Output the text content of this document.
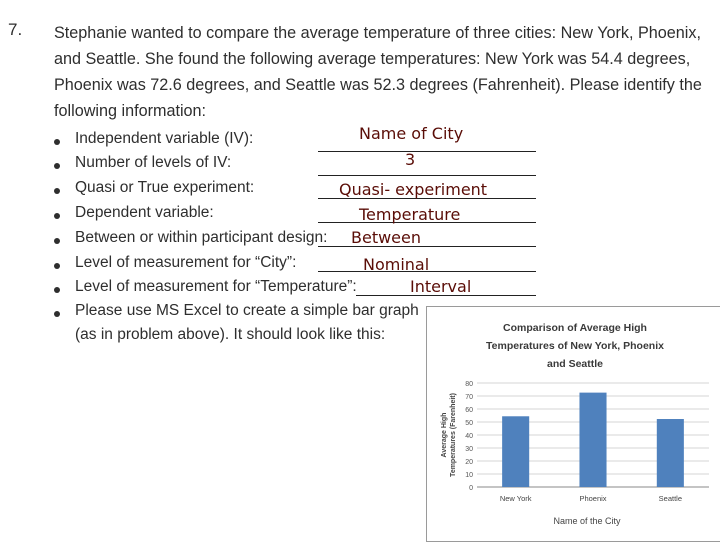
7. Stephanie wanted to compare the average temperature of three cities: New York, Phoenix,
and Seattle. She found the following average temperatures: New York was 54.4 degrees,
Phoenix was 72.6 degrees, and Seattle was 52.3 degrees (Fahrenheit). Please identify the
following information:
Independent variable (IV):
Number of levels of IV:
Quasi or True experiment:
Dependent variable:
Between or within participant design:
Level of measurement for “City”:
Level of measurement for “Temperature”:
Please use MS Excel to create a simple bar graph
(as in problem above). It should look like this:
Name of City
3
Quasi- experiment
Temperature
Between
Nominal
Interval
Comparison of Average High
Temperatures of New York, Phoenix
and Seattle
0
10
20
30
40
50
60
70
80
New York	Phoenix	Seattle
Average High Temperatures (Farenheit)
Name of the City
